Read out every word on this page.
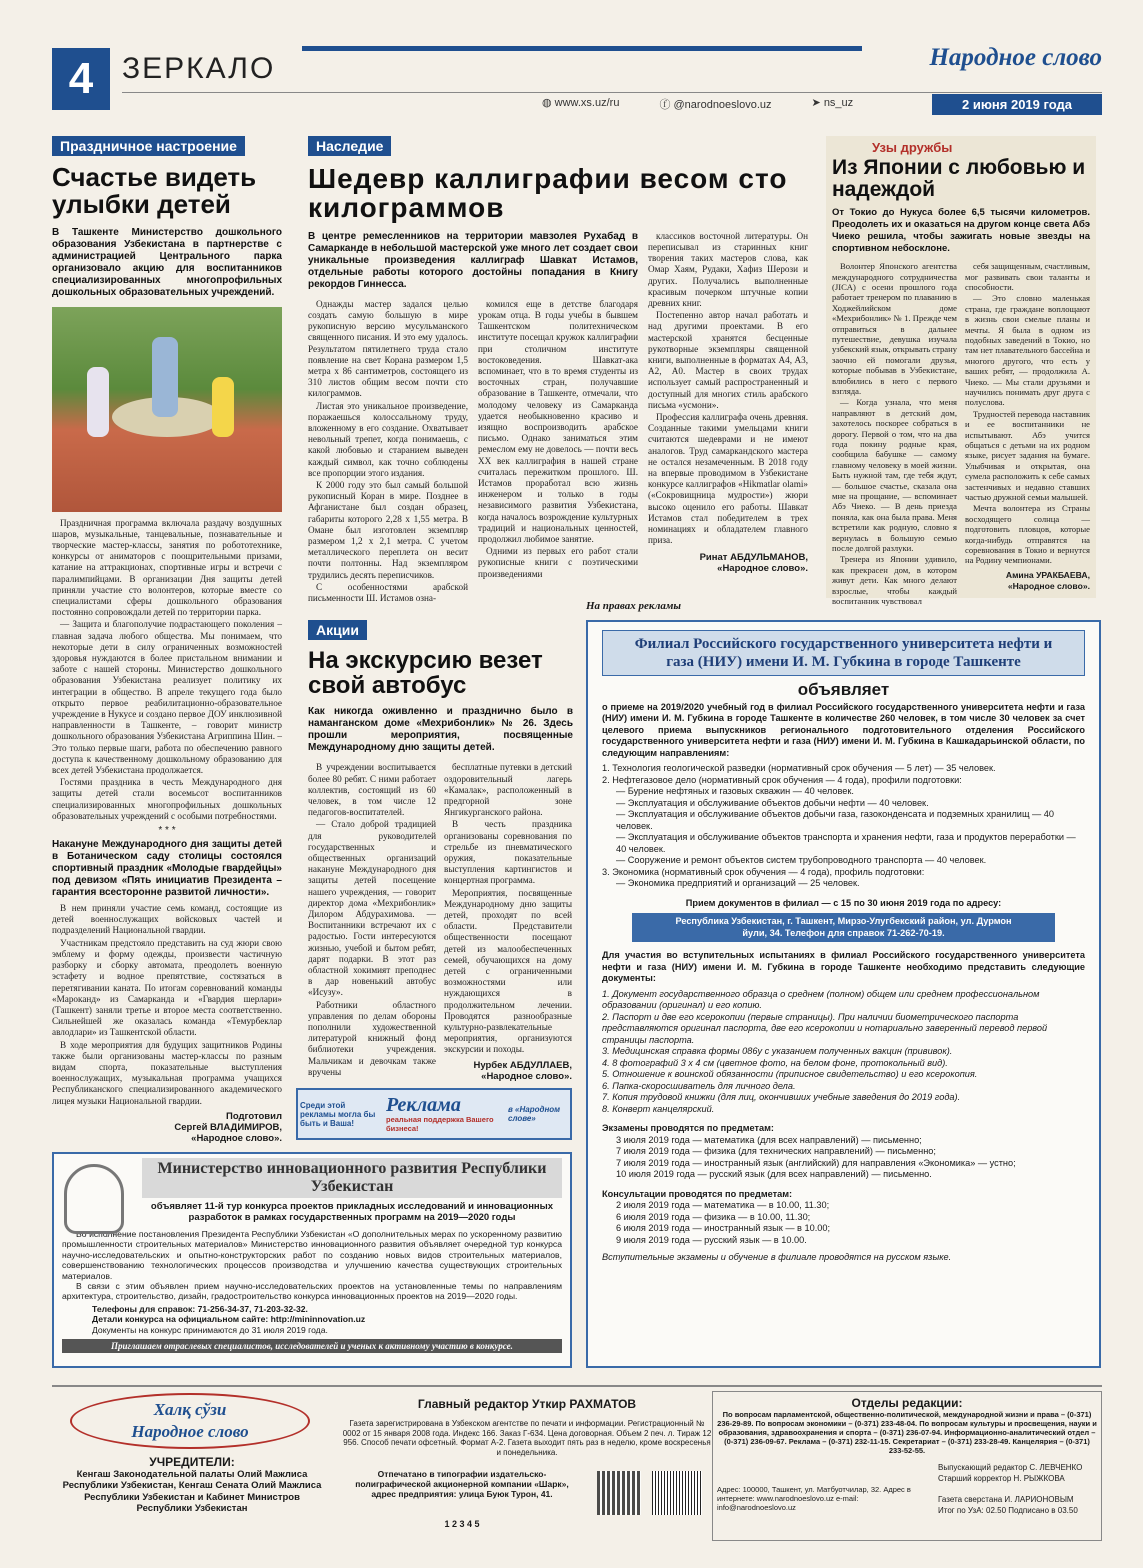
4 ЗЕРКАЛО	Народное слово
◍ www.xs.uz/ru	ⓕ @narodnoeslovo.uz	➤ ns_uz	2 июня 2019 года
Праздничное настроение
Счастье видеть улыбки детей
В Ташкенте Министерство дошкольного образования Узбекистана в партнерстве с администрацией Центрального парка организовало акцию для воспитанников специализированных многопрофильных дошкольных образовательных учреждений.

Праздничная программа включала раздачу воздушных шаров, музыкальные, танцевальные, познавательные и творческие мастер-классы, занятия по робототехнике, конкурсы от аниматоров с поощрительными призами, катание на аттракционах, спортивные игры и встречи с паралимпийцами. В организации Дня защиты детей приняли участие сто волонтеров, которые вместе со специалистами сферы дошкольного образования постоянно сопровождали детей по территории парка.

— Защита и благополучие подрастающего поколения – главная задача любого общества. Мы понимаем, что некоторые дети в силу ограниченных возможностей здоровья нуждаются в более пристальном внимании и заботе с нашей стороны. Министерство дошкольного образования Узбекистана реализует политику их интеграции в общество. В апреле текущего года было открыто первое реабилитационно-образовательное учреждение в Нукусе и создано первое ДОУ инклюзивной направленности в Ташкенте, – говорит министр дошкольного образования Узбекистана Агриппина Шин. – Это только первые шаги, работа по обеспечению равного доступа к качественному дошкольному образованию для всех детей Узбекистана продолжается.

Гостями праздника в честь Международного дня защиты детей стали восемьсот воспитанников специализированных многопрофильных дошкольных образовательных учреждений с особыми потребностями.

* * *
Накануне Международного дня защиты детей в Ботаническом саду столицы состоялся спортивный праздник «Молодые гвардейцы» под девизом «Пять инициатив Президента – гарантия всесторонне развитой личности».

В нем приняли участие семь команд, состоящие из детей военнослужащих войсковых частей и подразделений Национальной гвардии.

Участникам предстояло представить на суд жюри свою эмблему и форму одежды, произвести частичную разборку и сборку автомата, преодолеть военную эстафету и водное препятствие, состязаться в перетягивании каната. По итогам соревнований команды «Мароканд» из Самарканда и «Гвардия шерлари» (Ташкент) заняли третье и второе места соответственно. Сильнейшей же оказалась команда «Темурбеклар авлодлари» из Ташкентской области.

В ходе мероприятия для будущих защитников Родины также были организованы мастер-классы по разным видам спорта, показательные выступления военнослужащих, музыкальная программа учащихся Республиканского специализированного академического лицея музыки Национальной гвардии.

Подготовил
Сергей ВЛАДИМИРОВ,
«Народное слово».
Наследие
Шедевр каллиграфии весом сто килограммов
В центре ремесленников на территории мавзолея Рухабад в Самарканде в небольшой мастерской уже много лет создает свои уникальные произведения каллиграф Шавкат Истамов, отдельные работы которого достойны попадания в Книгу рекордов Гиннесса.

Однажды мастер задался целью создать самую большую в мире рукописную версию мусульманского священного писания. И это ему удалось. Результатом пятилетнего труда стало появление на свет Корана размером 1,5 метра х 86 сантиметров, состоящего из 310 листов общим весом почти сто килограммов.

Листая это уникальное произведение, поражаешься колоссальному труду, вложенному в его создание. Охватывает невольный трепет, когда понимаешь, с какой любовью и старанием выведен каждый символ, как точно соблюдены все пропорции этого издания.

К 2000 году это был самый большой рукописный Коран в мире. Позднее в Афганистане был создан образец, габариты которого 2,28 х 1,55 метра. В Омане был изготовлен экземпляр размером 1,2 х 2,1 метра. С учетом металлического переплета он весит почти полтонны. Над экземпляром трудились десять переписчиков.

С особенностями арабской письменности Ш. Истамов озна-

комился еще в детстве благодаря урокам отца. В годы учебы в бывшем Ташкентском политехническом институте посещал кружок каллиграфии при столичном институте востоковедения. Шавкат-ака вспоминает, что в то время студенты из восточных стран, получавшие образование в Ташкенте, отмечали, что молодому человеку из Самарканда удается необыкновенно красиво и изящно воспроизводить арабское письмо. Однако заниматься этим ремеслом ему не довелось — почти весь XX век каллиграфия в нашей стране считалась пережитком прошлого. Ш. Истамов проработал всю жизнь инженером и только в годы независимого развития Узбекистана, когда началось возрождение культурных традиций и национальных ценностей, продолжил любимое занятие.

Одними из первых его работ стали рукописные книги с поэтическими произведениями

классиков восточной литературы. Он переписывал из старинных книг творения таких мастеров слова, как Омар Хаям, Рудаки, Хафиз Шерози и других. Получались выполненные красивым почерком штучные копии древних книг.

Постепенно автор начал работать и над другими проектами. В его мастерской хранятся бесценные рукотворные экземпляры священной книги, выполненные в форматах А4, А3, А2, А0. Мастер в своих трудах использует самый распространенный и доступный для многих стиль арабского письма «усмони».

Профессия каллиграфа очень древняя. Созданные такими умельцами книги считаются шедеврами и не имеют аналогов. Труд самаркандского мастера не остался незамеченным. В 2018 году на впервые проводимом в Узбекистане конкурсе каллиграфов «Hikmatlar olami» («Сокровищница мудрости») жюри высоко оценило его работы. Шавкат Истамов стал победителем в трех номинациях и обладателем главного приза.

Ринат АБДУЛЬМАНОВ,
«Народное слово».
Узы дружбы
Из Японии с любовью и надеждой
От Токио до Нукуса более 6,5 тысячи километров. Преодолеть их и оказаться на другом конце света Абэ Чиеко решила, чтобы зажигать новые звезды на спортивном небосклоне.

Волонтер Японского агентства международного сотрудничества (JICA) с осени прошлого года работает тренером по плаванию в Ходжейлийском доме «Мехрибонлик» № 1. Прежде чем отправиться в дальнее путешествие, девушка изучала узбекский язык, открывать страну заочно ей помогали друзья, которые побывав в Узбекистане, влюбились в него с первого взгляда.

— Когда узнала, что меня направляют в детский дом, захотелось поскорее собраться в дорогу. Первой о том, что на два года покину родные края, сообщила бабушке — самому главному человеку в моей жизни. Быть нужной там, где тебя ждут, — большое счастье, сказала она мне на прощание, — вспоминает Абэ Чиеко. — В день приезда поняла, как она была права. Меня встретили как родную, словно я вернулась в большую семью после долгой разлуки.

Тренера из Японии удивило, как прекрасен дом, в котором живут дети. Как много делают взрослые, чтобы каждый воспитанник чувствовал

себя защищенным, счастливым, мог развивать свои таланты и способности.

— Это словно маленькая страна, где граждане воплощают в жизнь свои смелые планы и мечты. Я была в одном из подобных заведений в Токио, но там нет плавательного бассейна и многого другого, что есть у ваших ребят, — продолжила А. Чиеко. — Мы стали друзьями и научились понимать друг друга с полуслова.

Трудностей перевода наставник и ее воспитанники не испытывают. Абэ учится общаться с детьми на их родном языке, рисует задания на бумаге. Улыбчивая и открытая, она сумела расположить к себе самых застенчивых и недавно ставших частью дружной семьи малышей.

Мечта волонтера из Страны восходящего солнца — подготовить пловцов, которые когда-нибудь отправятся на соревнования в Токио и вернутся на Родину чемпионами.

Амина УРАКБАЕВА,
«Народное слово».
На правах рекламы
Акции
На экскурсию везет свой автобус
Как никогда оживленно и празднично было в наманганском доме «Мехрибонлик» № 26. Здесь прошли мероприятия, посвященные Международному дню защиты детей.

В учреждении воспитывается более 80 ребят. С ними работает коллектив, состоящий из 60 человек, в том числе 12 педагогов-воспитателей.

— Стало доброй традицией для руководителей государственных и общественных организаций накануне Международного дня защиты детей посещение нашего учреждения, — говорит директор дома «Мехрибонлик» Дилором Абдурахимова. — Воспитанники встречают их с радостью. Гости интересуются жизнью, учебой и бытом ребят, дарят подарки. В этот раз областной хокимият преподнес в дар новенький автобус «Исузу».

Работники областного управления по делам обороны пополнили художественной литературой книжный фонд библиотеки учреждения. Мальчикам и девочкам также вручены

бесплатные путевки в детский оздоровительный лагерь «Камалак», расположенный в предгорной зоне Янгикурганского района.

В честь праздника организованы соревнования по стрельбе из пневматического оружия, показательные выступления картингистов и концертная программа.

Мероприятия, посвященные Международному дню защиты детей, проходят по всей области. Представители общественности посещают детей из малообеспеченных семей, обучающихся на дому детей с ограниченными возможностями или нуждающихся в продолжительном лечении. Проводятся разнообразные культурно-развлекательные мероприятия, организуются экскурсии и походы.

Нурбек АБДУЛЛАЕВ,
«Народное слово».
Среди этой рекламы могла бы быть и Ваша!
Реклама
реальная поддержка Вашего бизнеса!
в «Народном слове»
Филиал Российского государственного университета нефти и газа (НИУ) имени И. М. Губкина в городе Ташкенте
объявляет
о приеме на 2019/2020 учебный год в филиал Российского государственного университета нефти и газа (НИУ) имени И. М. Губкина в городе Ташкенте в количестве 260 человек, в том числе 30 человек за счет целевого приема выпускников регионального подготовительного отделения Российского государственного университета нефти и газа (НИУ) имени И. М. Губкина в Кашкадарьинской области, по следующим направлениям:
1. Технология геологической разведки (нормативный срок обучения — 5 лет) — 35 человек.
2. Нефтегазовое дело (нормативный срок обучения — 4 года), профили подготовки:
— Бурение нефтяных и газовых скважин — 40 человек.
— Эксплуатация и обслуживание объектов добычи нефти — 40 человек.
— Эксплуатация и обслуживание объектов добычи газа, газоконденсата и подземных хранилищ — 40 человек.
— Эксплуатация и обслуживание объектов транспорта и хранения нефти, газа и продуктов переработки — 40 человек.
— Сооружение и ремонт объектов систем трубопроводного транспорта — 40 человек.
3. Экономика (нормативный срок обучения — 4 года), профиль подготовки:
— Экономика предприятий и организаций — 25 человек.
Прием документов в филиал — с 15 по 30 июня 2019 года по адресу:
Республика Узбекистан, г. Ташкент, Мирзо-Улугбекский район, ул. Дурмон йули, 34. Телефон для справок 71-262-70-19.
Для участия во вступительных испытаниях в филиал Российского государственного университета нефти и газа (НИУ) имени И. М. Губкина в городе Ташкенте необходимо представить следующие документы:
1. Документ государственного образца о среднем (полном) общем или среднем профессиональном образовании (оригинал) и его копию.
2. Паспорт и две его ксерокопии (первые страницы). При наличии биометрического паспорта представляются оригинал паспорта, две его ксерокопии и нотариально заверенный перевод первой страницы паспорта.
3. Медицинская справка формы 086у с указанием полученных вакцин (прививок).
4. 8 фотографий 3 х 4 см (цветное фото, на белом фоне, протокольный вид).
5. Отношение к воинской обязанности (приписное свидетельство) и его ксерокопия.
6. Папка-скоросшиватель для личного дела.
7. Копия трудовой книжки (для лиц, окончивших учебные заведения до 2019 года).
8. Конверт канцелярский.
Экзамены проводятся по предметам:
3 июля 2019 года — математика (для всех направлений) — письменно;
7 июля 2019 года — физика (для технических направлений) — письменно;
7 июля 2019 года — иностранный язык (английский) для направления «Экономика» — устно;
10 июля 2019 года — русский язык (для всех направлений) — письменно.
Консультации проводятся по предметам:
2 июля 2019 года — математика — в 10.00, 11.30;
6 июля 2019 года — физика — в 10.00, 11.30;
6 июля 2019 года — иностранный язык — в 10.00;
9 июля 2019 года — русский язык — в 10.00.
Вступительные экзамены и обучение в филиале проводятся на русском языке.
Министерство инновационного развития Республики Узбекистан
объявляет 11-й тур конкурса проектов прикладных исследований и инновационных разработок в рамках государственных программ на 2019—2020 годы

Во исполнение постановления Президента Республики Узбекистан «О дополнительных мерах по ускоренному развитию промышленности строительных материалов» Министерство инновационного развития объявляет очередной тур конкурса научно-исследовательских и опытно-конструкторских работ по созданию новых видов строительных материалов, совершенствованию технологических процессов производства и улучшению качества существующих строительных материалов.

В связи с этим объявлен прием научно-исследовательских проектов на установленные темы по направлениям архитектура, строительство, дизайн, градостроительство конкурса инновационных проектов на 2019—2020 годы.

Телефоны для справок: 71-256-34-37, 71-203-32-32.
Детали конкурса на официальном сайте: http://mininnovation.uz
Документы на конкурс принимаются до 31 июля 2019 года.
Приглашаем отраслевых специалистов, исследователей и ученых к активному участию в конкурсе.
Халқ сўзи
Народное слово
УЧРЕДИТЕЛИ:
Кенгаш Законодательной палаты Олий Мажлиса Республики Узбекистан, Кенгаш Сената Олий Мажлиса Республики Узбекистан и Кабинет Министров Республики Узбекистан
Главный редактор Уткир РАХМАТОВ
Газета зарегистрирована в Узбекском агентстве по печати и информации. Регистрационный № 0002 от 15 января 2008 года. Индекс 166. Заказ Г-634. Цена договорная. Объем 2 печ. л. Тираж 12 956. Способ печати офсетный. Формат А-2. Газета выходит пять раз в неделю, кроме воскресенья и понедельника.
Отпечатано в типографии издательско-полиграфической акционерной компании «Шарк», адрес предприятия: улица Буюк Турон, 41.
1 2 3 4 5
Отделы редакции:
По вопросам парламентской, общественно-политической, международной жизни и права – (0-371) 236-29-89. По вопросам экономики – (0-371) 233-48-04. По вопросам культуры и просвещения, науки и образования, здравоохранения и спорта – (0-371) 236-07-94. Информационно-аналитический отдел – (0-371) 236-09-67. Реклама – (0-371) 232-11-15. Секретариат – (0-371) 233-28-49. Канцелярия – (0-371) 233-52-55.
Адрес: 100000, Ташкент, ул. Матбуотчилар, 32. Адрес в интернете: www.narodnoeslovo.uz e-mail: info@narodnoeslovo.uz
Выпускающий редактор С. ЛЕВЧЕНКО
Старший корректор Н. РЫЖКОВА
Газета сверстана И. ЛАРИОНОВЫМ
Итог по УзА: 02.50 Подписано в 03.50
